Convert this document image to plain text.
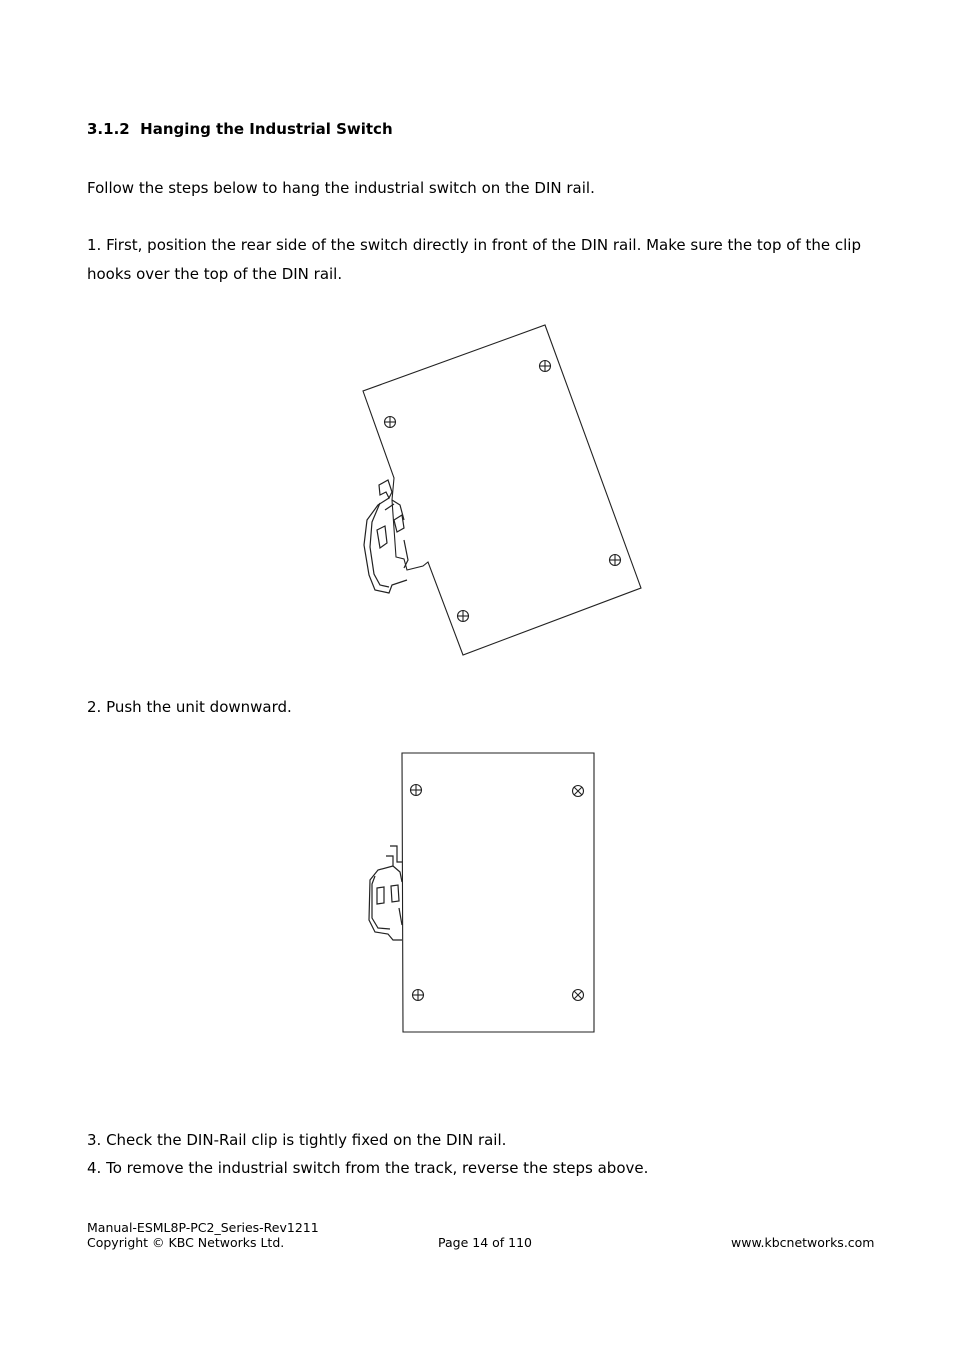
3.1.2 Hanging the Industrial Switch
Follow the steps below to hang the industrial switch on the DIN rail.
1. First, position the rear side of the switch directly in front of the DIN rail. Make sure the top of the clip hooks over the top of the DIN rail.
2. Push the unit downward.
3. Check the DIN-Rail clip is tightly fixed on the DIN rail.
4. To remove the industrial switch from the track, reverse the steps above.
Manual-ESML8P-PC2_Series-Rev1211
Copyright © KBC Networks Ltd.	Page 14 of 110	www.kbcnetworks.com
